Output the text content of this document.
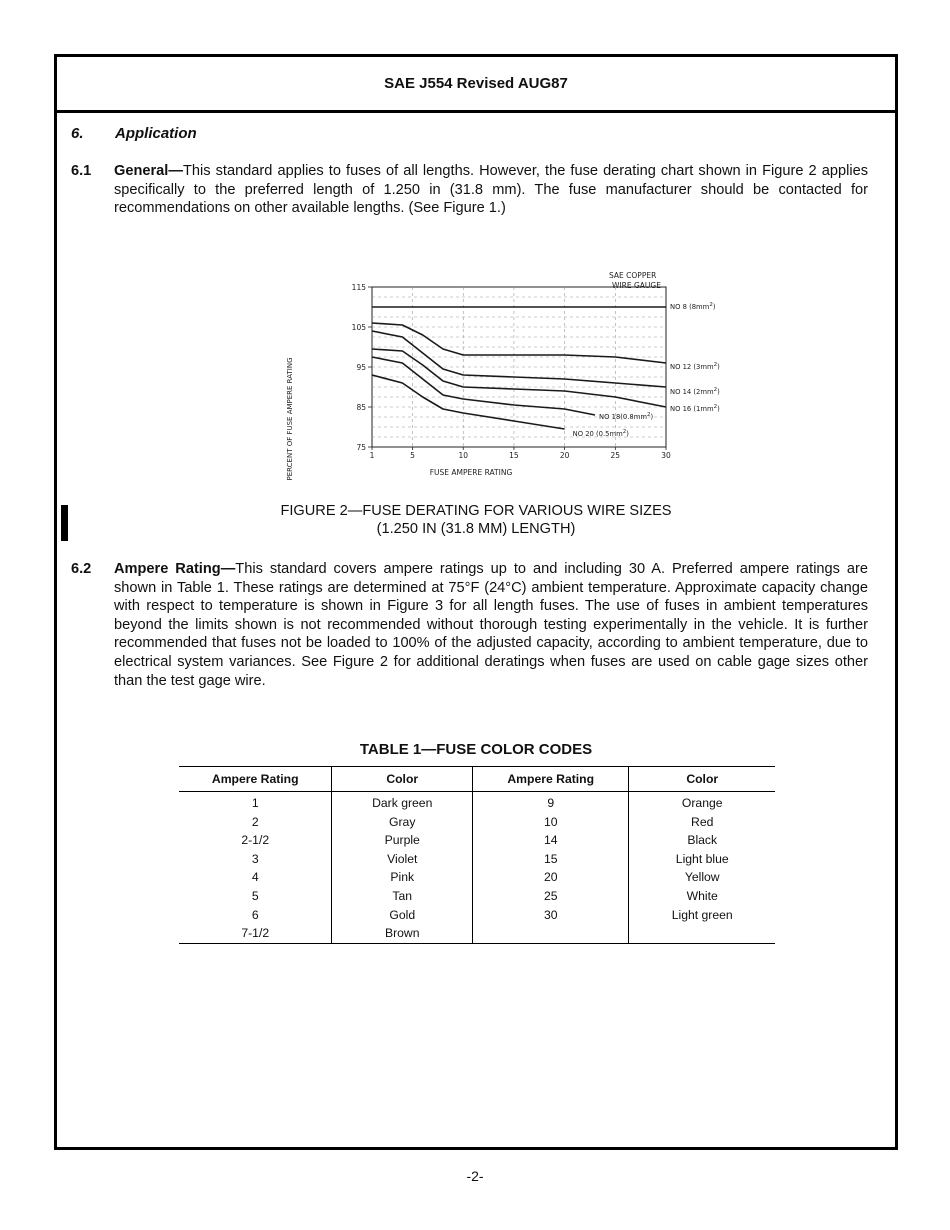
SAE J554 Revised AUG87
6. Application
6.1 General—This standard applies to fuses of all lengths. However, the fuse derating chart shown in Figure 2 applies specifically to the preferred length of 1.250 in (31.8 mm). The fuse manufacturer should be contacted for recommendations on other available lengths. (See Figure 1.)
75
85
95
105
115
1	5	10	15	20	25	30
NO 8 $(8mm^2)$
NO 12 $(3mm^2)$
NO 14 $(2mm^2)$
NO 16 $(1mm^2)$
NO $18(0.8mm^2)$
NO 20 $(0.5mm^2)$
SAE COPPER
WIRE GAUGE
FUSE AMPERE RATING
PERCENT OF FUSE AMPERE RATING
FIGURE 2—FUSE DERATING FOR VARIOUS WIRE SIZES
(1.250 IN (31.8 MM) LENGTH)
6.2 Ampere Rating—This standard covers ampere ratings up to and including 30 A. Preferred ampere ratings are shown in Table 1. These ratings are determined at 75°F (24°C) ambient temperature. Approximate capacity change with respect to temperature is shown in Figure 3 for all length fuses. The use of fuses in ambient temperatures beyond the limits shown is not recommended without thorough testing experimentally in the vehicle. It is further recommended that fuses not be loaded to 100% of the adjusted capacity, according to ambient temperature, due to electrical system variances. See Figure 2 for additional deratings when fuses are used on cable gage sizes other than the test gage wire.
TABLE 1—FUSE COLOR CODES
Ampere Rating	Color	Ampere Rating	Color
1	Dark green	9	Orange
2	Gray	10	Red
2-1/2	Purple	14	Black
3	Violet	15	Light blue
4	Pink	20	Yellow
5	Tan	25	White
6	Gold	30	Light green
7-1/2	Brown		
-2-
